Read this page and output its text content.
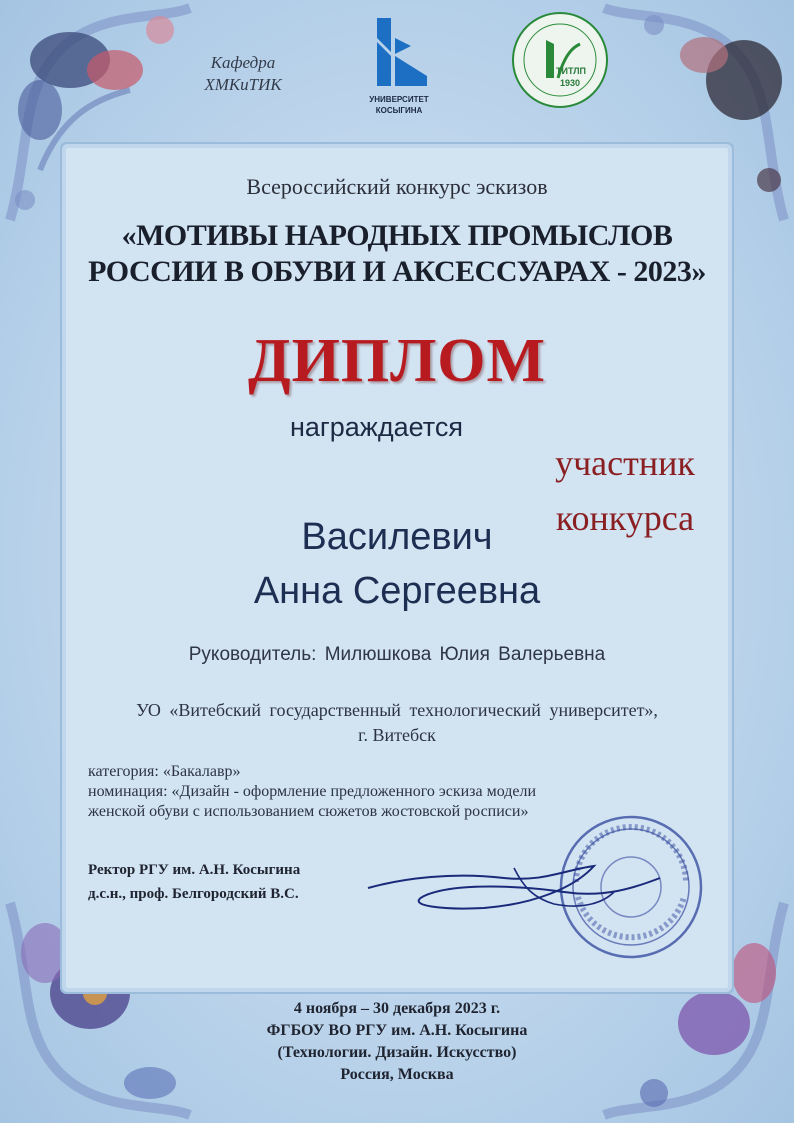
Кафедра
ХМКиТИК
УНИВЕРСИТЕТ
КОСЫГИНА
ТИТЛП
1930
Всероссийский конкурс эскизов
«МОТИВЫ НАРОДНЫХ ПРОМЫСЛОВ
РОССИИ В ОБУВИ И АКСЕССУАРАХ - 2023»
ДИПЛОМ
награждается
участник
конкурса
Василевич
Анна Сергеевна
Руководитель: Милюшкова Юлия Валерьевна
УО «Витебский государственный технологический университет»,
г. Витебск
категория: «Бакалавр»
номинация: «Дизайн - оформление предложенного эскиза модели
женской обуви с использованием сюжетов жостовской росписи»
Ректор РГУ им. А.Н. Косыгина
д.с.н., проф. Белгородский В.С.
4 ноября – 30 декабря 2023 г.
ФГБОУ ВО РГУ им. А.Н. Косыгина
(Технологии. Дизайн. Искусство)
Россия, Москва
